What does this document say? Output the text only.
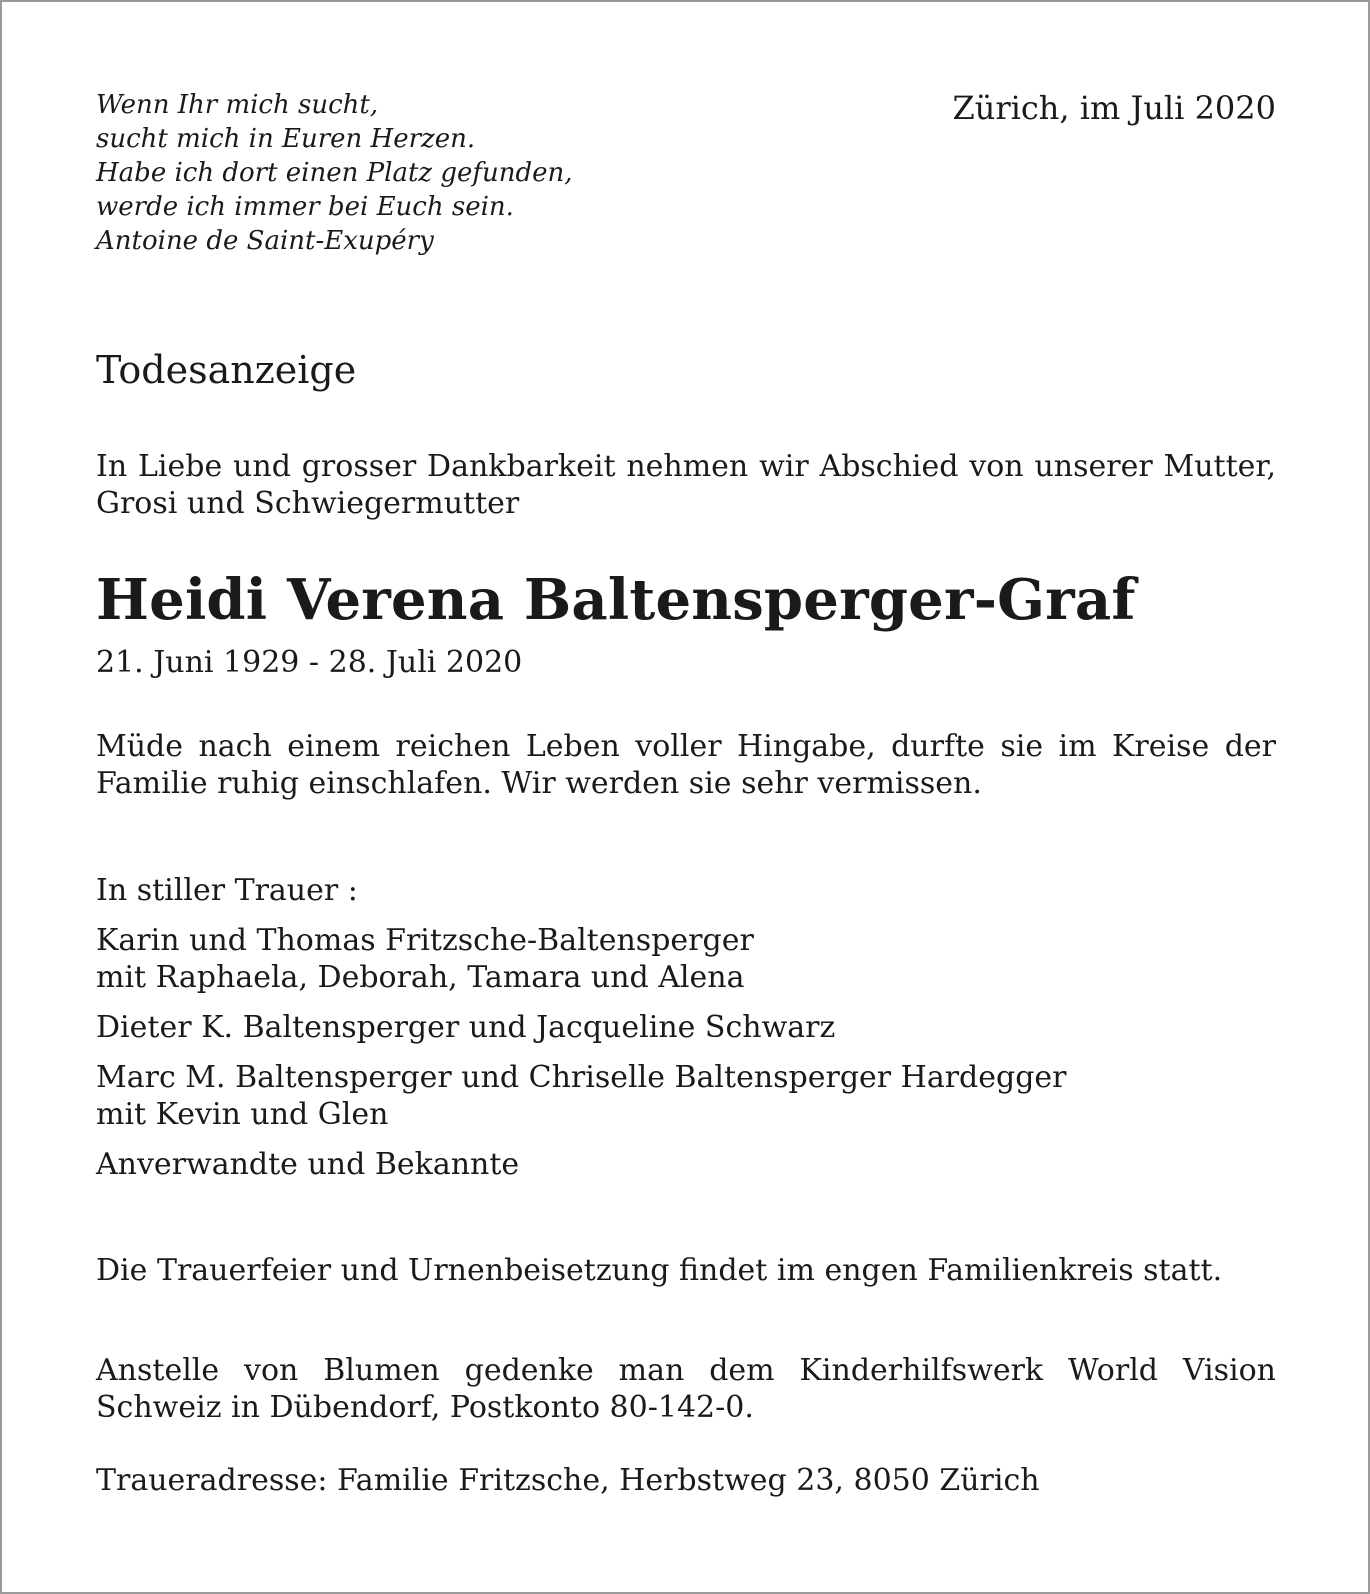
Wenn Ihr mich sucht,
sucht mich in Euren Herzen.
Habe ich dort einen Platz gefunden,
werde ich immer bei Euch sein.
Antoine de Saint-Exupéry
Zürich, im Juli 2020
Todesanzeige
In Liebe und grosser Dankbarkeit nehmen wir Abschied von unserer Mutter, Grosi und Schwiegermutter
Heidi Verena Baltensperger-Graf
21. Juni 1929 - 28. Juli 2020
Müde nach einem reichen Leben voller Hingabe, durfte sie im Kreise der Familie ruhig einschlafen. Wir werden sie sehr vermissen.
In stiller Trauer :
Karin und Thomas Fritzsche-Baltensperger
mit Raphaela, Deborah, Tamara und Alena
Dieter K. Baltensperger und Jacqueline Schwarz
Marc M. Baltensperger und Chriselle Baltensperger Hardegger
mit Kevin und Glen
Anverwandte und Bekannte
Die Trauerfeier und Urnenbeisetzung findet im engen Familienkreis statt.
Anstelle von Blumen gedenke man dem Kinderhilfswerk World Vision Schweiz in Dübendorf, Postkonto 80-142-0.
Traueradresse: Familie Fritzsche, Herbstweg 23, 8050 Zürich
